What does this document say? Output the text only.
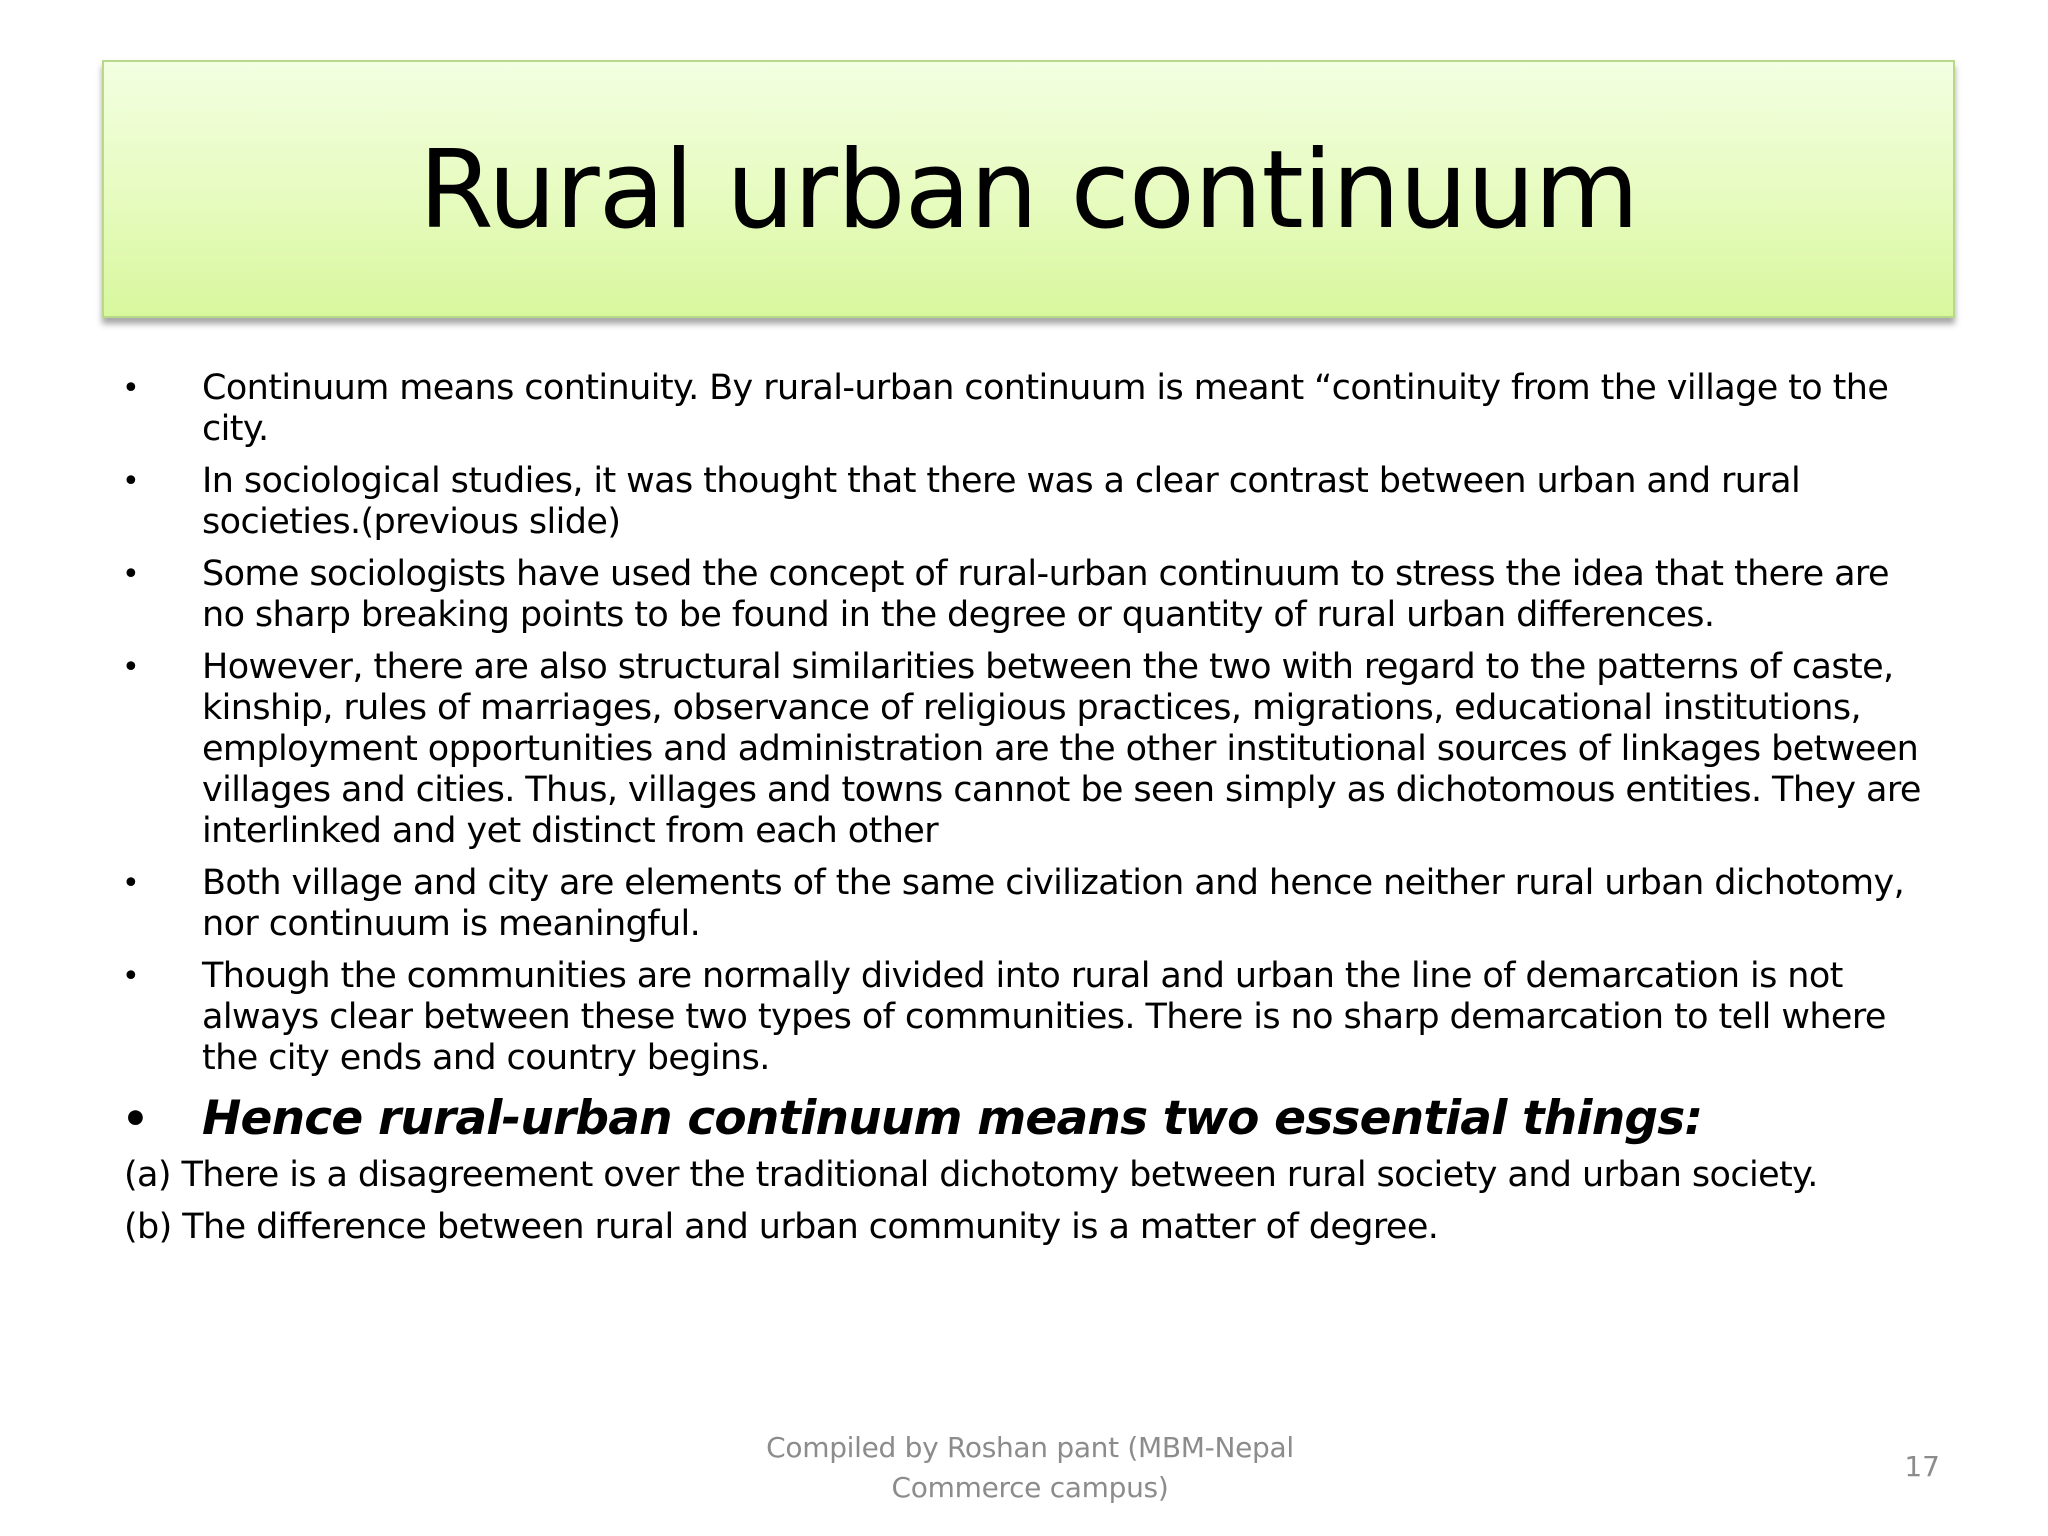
Rural urban continuum
• Continuum means continuity. By rural-urban continuum is meant “continuity from the village to the city.
• In sociological studies, it was thought that there was a clear contrast between urban and rural societies.(previous slide)
• Some sociologists have used the concept of rural-urban continuum to stress the idea that there are no sharp breaking points to be found in the degree or quantity of rural urban differences.
• However, there are also structural similarities between the two with regard to the patterns of caste, kinship, rules of marriages, observance of religious practices, migrations, educational institutions, employment opportunities and administration are the other institutional sources of linkages between villages and cities. Thus, villages and towns cannot be seen simply as dichotomous entities. They are interlinked and yet distinct from each other
• Both village and city are elements of the same civilization and hence neither rural urban dichotomy, nor continuum is meaningful.
• Though the communities are normally divided into rural and urban the line of demarcation is not always clear between these two types of communities. There is no sharp demarcation to tell where the city ends and country begins.
• Hence rural-urban continuum means two essential things:
(a) There is a disagreement over the traditional dichotomy between rural society and urban society.
(b) The difference between rural and urban community is a matter of degree.
Compiled by Roshan pant (MBM-Nepal
Commerce campus)
17
